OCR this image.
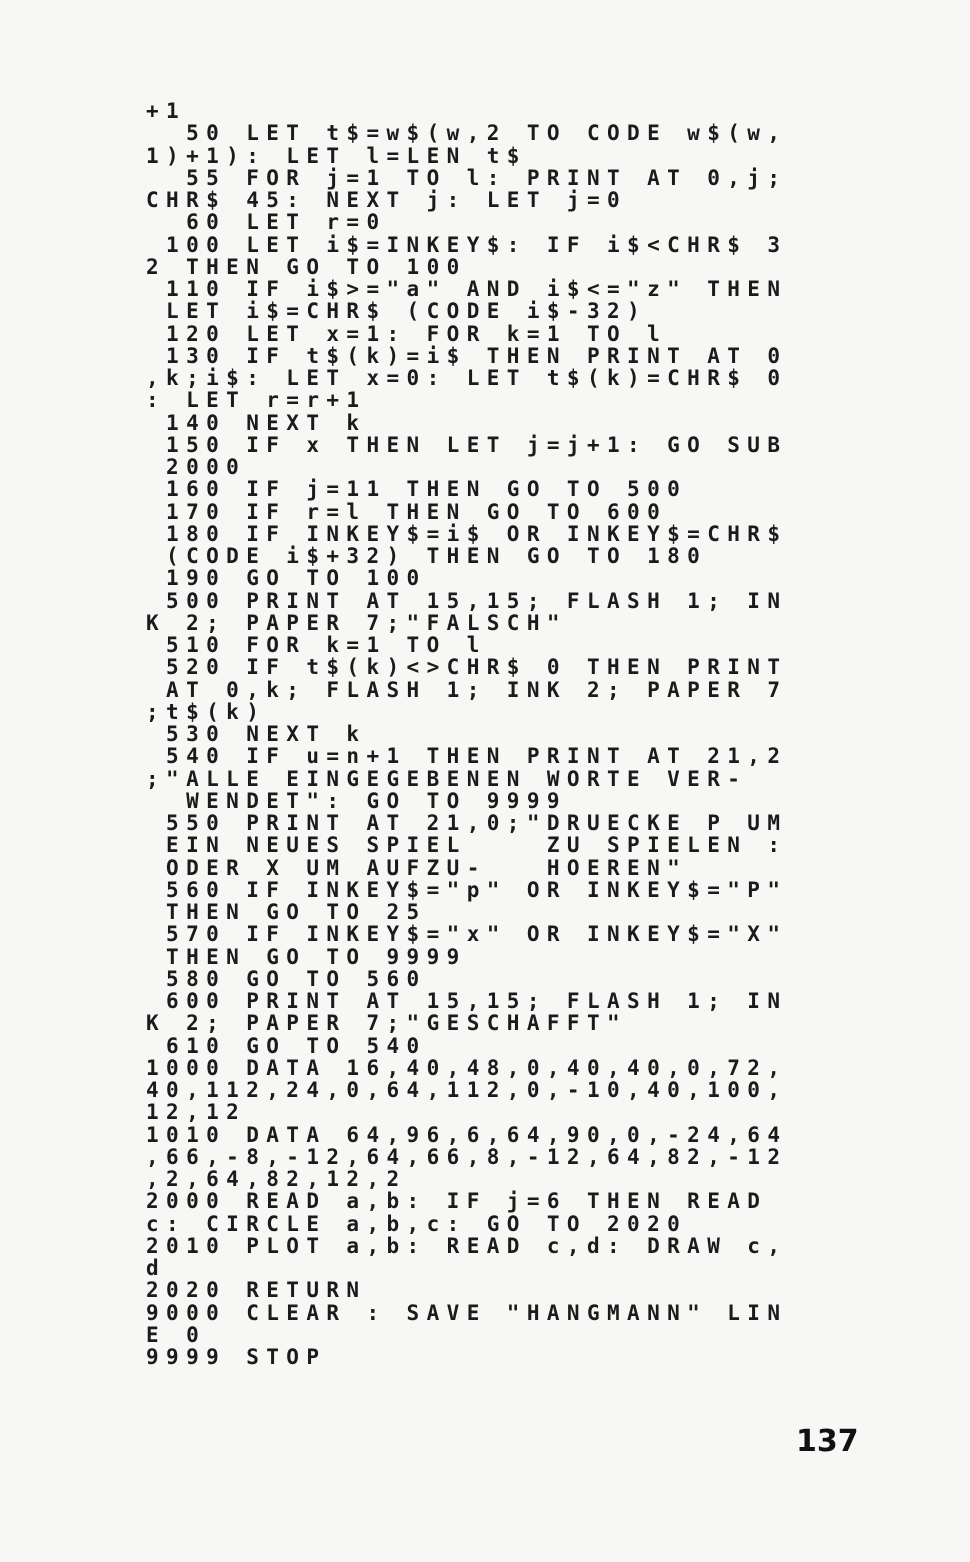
+1
50 LET t$=w$(w,2 TO CODE w$(w,
1)+1): LET l=LEN t$
55 FOR j=1 TO l: PRINT AT 0,j;
CHR$ 45: NEXT j: LET j=0
60 LET r=0
100 LET i$=INKEY$: IF i$<CHR$ 3
2 THEN GO TO 100
110 IF i$>="a" AND i$<="z" THEN
LET i$=CHR$ (CODE i$-32)
120 LET x=1: FOR k=1 TO l
130 IF t$(k)=i$ THEN PRINT AT 0
,k;i$: LET x=0: LET t$(k)=CHR$ 0
: LET r=r+1
140 NEXT k
150 IF x THEN LET j=j+1: GO SUB
2000
160 IF j=11 THEN GO TO 500
170 IF r=l THEN GO TO 600
180 IF INKEY$=i$ OR INKEY$=CHR$
(CODE i$+32) THEN GO TO 180
190 GO TO 100
500 PRINT AT 15,15; FLASH 1; IN
K 2; PAPER 7;"FALSCH"
510 FOR k=1 TO l
520 IF t$(k)<>CHR$ 0 THEN PRINT
AT 0,k; FLASH 1; INK 2; PAPER 7
;t$(k)
530 NEXT k
540 IF u=n+1 THEN PRINT AT 21,2
;"ALLE EINGEGEBENEN WORTE VER-
WENDET": GO TO 9999
550 PRINT AT 21,0;"DRUECKE P UM
EIN NEUES SPIEL    ZU SPIELEN :
ODER X UM AUFZU-   HOEREN"
560 IF INKEY$="p" OR INKEY$="P"
THEN GO TO 25
570 IF INKEY$="x" OR INKEY$="X"
THEN GO TO 9999
580 GO TO 560
600 PRINT AT 15,15; FLASH 1; IN
K 2; PAPER 7;"GESCHAFFT"
610 GO TO 540
1000 DATA 16,40,48,0,40,40,0,72,
40,112,24,0,64,112,0,-10,40,100,
12,12
1010 DATA 64,96,6,64,90,0,-24,64
,66,-8,-12,64,66,8,-12,64,82,-12
,2,64,82,12,2
2000 READ a,b: IF j=6 THEN READ
c: CIRCLE a,b,c: GO TO 2020
2010 PLOT a,b: READ c,d: DRAW c,
d
2020 RETURN
9000 CLEAR : SAVE "HANGMANN" LIN
E 0
9999 STOP
137
